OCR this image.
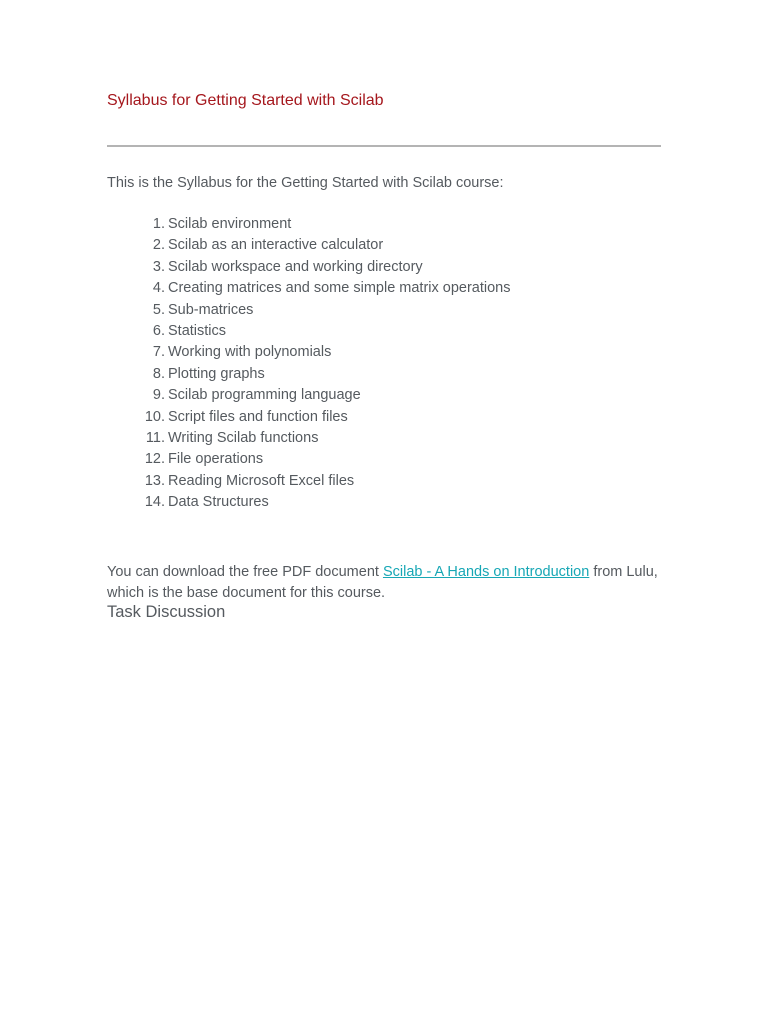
Syllabus for Getting Started with Scilab

This is the Syllabus for the Getting Started with Scilab course:

1. Scilab environment
2. Scilab as an interactive calculator
3. Scilab workspace and working directory
4. Creating matrices and some simple matrix operations
5. Sub-matrices
6. Statistics
7. Working with polynomials
8. Plotting graphs
9. Scilab programming language
10. Script files and function files
11. Writing Scilab functions
12. File operations
13. Reading Microsoft Excel files
14. Data Structures

You can download the free PDF document Scilab - A Hands on Introduction from Lulu, which is the base document for this course.

Task Discussion
